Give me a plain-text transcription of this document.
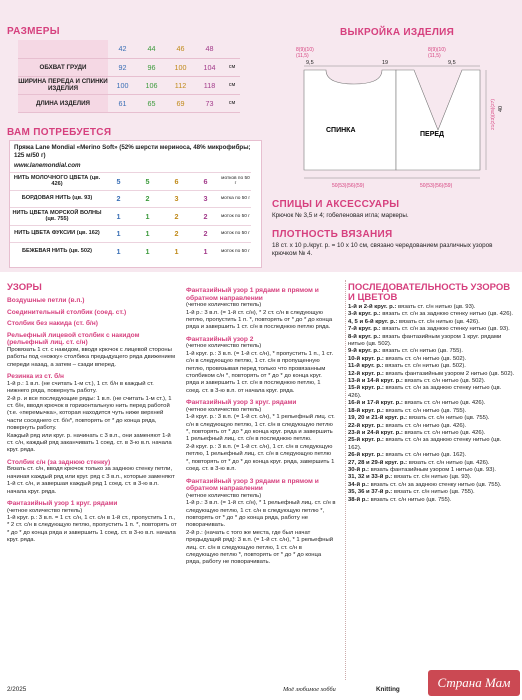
РАЗМЕРЫ
	42	44	46	48	
ОБХВАТ ГРУДИ	92	96	100	104	см
ШИРИНА ПЕРЕДА И СПИНКИ ИЗДЕЛИЯ	100	106	112	118	см
ДЛИНА ИЗДЕЛИЯ	61	65	69	73	см
ВАМ ПОТРЕБУЕТСЯ
Пряжа Lane Mondial «Merino Soft» (52% шерсти мериноса, 48% микрофибры; 125 м/50 г)
www.lanemondial.com
НИТЬ МОЛОЧНОГО ЦВЕТА (цв. 426)	5	5	6	6	мотков по 50 г
БОРДОВАЯ НИТЬ (цв. 93)	2	2	3	3	мотка по 50 г
НИТЬ ЦВЕТА МОРСКОЙ ВОЛНЫ (цв. 755)	1	1	2	2	моток по 50 г
НИТЬ ЦВЕТА ФУКСИИ (цв. 162)	1	1	2	2	моток по 50 г
БЕЖЕВАЯ НИТЬ (цв. 502)	1	1	1	1	моток по 50 г
ВЫКРОЙКА ИЗДЕЛИЯ
8(9)(10)
(11,5)
9,5	19
8(9)(10)
(11,5)
9,5
СПИНКА
ПЕРЕД
21(23)(25)(27) 40
50(53)(56)(59)	50(53)(56)(59)
СПИЦЫ И АКСЕССУАРЫ
Крючок № 3,5 и 4; гобеленовая игла; маркеры.
ПЛОТНОСТЬ ВЯЗАНИЯ
18 ст. х 10 р./круг. р. = 10 х 10 см, связано чередованием различных узоров крючком № 4.
УЗОРЫ
Воздушные петли (в.п.)
Соединительный столбик (соед. ст.)
Столбик без накида (ст. б/н)
Рельефный лицевой столбик с накидом (рельефный лиц. ст. с/н)

Провязать 1 ст. с накидом, вводя крючок с лицевой стороны работы под «ножку» столбика предыдущего ряда движением спереди назад, а затем – сзади вперед.

Резинка из ст. б/н

1-й р.: 1 в.п. (не считать 1-м ст.), 1 ст. б/н в каждый ст. нижнего ряда, повернуть работу.

2-й р. и все последующие ряды: 1 в.п. (не считать 1-м ст.), 1 ст. б/н, вводя крючок в горизонтальную нить перед работой (т.е. «перемычка», которая находится чуть ниже верхней части соседнего ст. б/н*, повторять от * до конца ряда, повернуть работу.

Каждый ряд или круг. р. начинать с 3 в.п., они заменяют 1-й ст. с/н, каждый ряд заканчивать 1 соед. ст. в 3-ю в.п. начала круг. ряда.

Столбик с/н (за заднюю стенку)

Вязать ст. с/н, вводя крючок только за заднюю стенку петли, начиная каждый ряд или круг. ряд с 3 в.п., которые заменяют 1-й ст. с/н, и завершая каждый ряд 1 соед. ст. в 3-ю в.п. начала круг. ряда.

Фантазийный узор 1 круг. рядами

(четное количество петель)

1-й круг. р.: 3 в.п. = 1 ст. с/н, 1 ст. с/н в 1-й ст., пропустить 1 п., * 2 ст. с/н в следующую петлю, пропустить 1 п. *, повторять от * до * до конца ряда и завершить 1 соед. ст. в 3-ю в.п. начала круг. ряда.

Фантазийный узор 1 рядами в прямом и обратном направлении

(четное количество петель)

1-й р.: 3 в.п. (= 1-й ст. с/н), * 2 ст. с/н в следующую петлю, пропустить 1 п. *, повторять от * до * до конца ряда и завершить 1 ст. с/н в последнюю петлю ряда.

Фантазийный узор 2

(четное количество петель)

1-й круг. р.: 3 в.п. (= 1-й ст. с/н), * пропустить 1 п., 1 ст. с/н в следующую петлю, 1 ст. с/н в пропущенную петлю, провязывая перед только что провязанным столбиком с/н *, повторять от * до * до конца круг. ряда и завершить 1 ст. с/н в последнюю петлю, 1 соед. ст. в 3-ю в.п. от начала круг. ряда.

Фантазийный узор 3 круг. рядами

(четное количество петель)

1-й круг. р.: 3 в.п. (= 1-й ст. с/н), * 1 рельефный лиц. ст. с/н в следующую петлю, 1 ст. с/н в следующую петлю *, повторять от * до * до конца круг. ряда и завершить 1 рельефный лиц. ст. с/н в последнюю петлю.

2-й круг. р.: 3 в.п. (= 1-й ст. с/н), 1 ст. с/н в следующую петлю, 1 рельефный лиц. ст. с/н в следующую петлю *, повторять от * до * до конца круг. ряда, завершить 1 соед. ст. в 3-ю в.п.

Фантазийный узор 3 рядами в прямом и обратном направлении

(четное количество петель)

1-й р.: 3 в.п. (= 1-й ст. с/н), * 1 рельефный лиц. ст. с/н в следующую петлю, 1 ст. с/н в следующую петлю *, повторять от * до * до конца ряда, работу не поворачивать.

2-й р.: (начать с того же места, где был начат предыдущий ряд): 3 в.п. (= 1-й ст. с/н), * 1 рельефный лиц. ст. с/н в следующую петлю, 1 ст. с/н в следующую петлю *, повторять от * до * до конца ряда, работу не поворачивать.

ПОСЛЕДОВАТЕЛЬНОСТЬ УЗОРОВ И ЦВЕТОВ

1-й и 2-й круг. р.: вязать ст. с/н нитью (цв. 93).

3-й круг. р.: вязать ст. с/н за заднюю стенку нитью (цв. 426).

4, 5 и 6-й круг. р.: вязать ст. с/н нитью (цв. 426).

7-й круг. р.: вязать ст. с/н за заднюю стенку нитью (цв. 93).

8-й круг. р.: вязать фантазийным узором 1 круг. рядами нитью (цв. 502).

9-й круг. р.: вязать ст. с/н нитью (цв. 755).

10-й круг. р.: вязать ст. с/н нитью (цв. 502).

11-й круг. р.: вязать ст. с/н нитью (цв. 502).

12-й круг. р.: вязать фантазийным узором 2 нитью (цв. 502).

13-й и 14-й круг. р.: вязать ст. с/н нитью (цв. 502).

15-й круг. р.: вязать ст. с/н за заднюю стенку нитью (цв. 426).

16-й и 17-й круг. р.: вязать ст. с/н нитью (цв. 426).

18-й круг. р.: вязать ст. с/н нитью (цв. 755).

19, 20 и 21-й круг. р.: вязать ст. с/н нитью (цв. 755).

22-й круг. р.: вязать ст. с/н нитью (цв. 426).

23-й и 24-й круг. р.: вязать ст. с/н нитью (цв. 426).

25-й круг. р.: вязать ст. с/н за заднюю стенку нитью (цв. 162).

26-й круг. р.: вязать ст. с/н нитью (цв. 162).

27, 28 и 29-й круг. р.: вязать ст. с/н нитью (цв. 426).

30-й р.: вязать фантазийным узором 1 нитью (цв. 93).

31, 32 и 33-й р.: вязать ст. с/н нитью (цв. 93).

34-й р.: вязать ст. с/н за заднюю стенку нитью (цв. 755).

35, 36 и 37-й р.: вязать ст. с/н нитью (цв. 755).

38-й р.: вязать ст. с/н нитью (цв. 755).

2/2025	Моё любимое хобби	Knitting	Страна Мам
